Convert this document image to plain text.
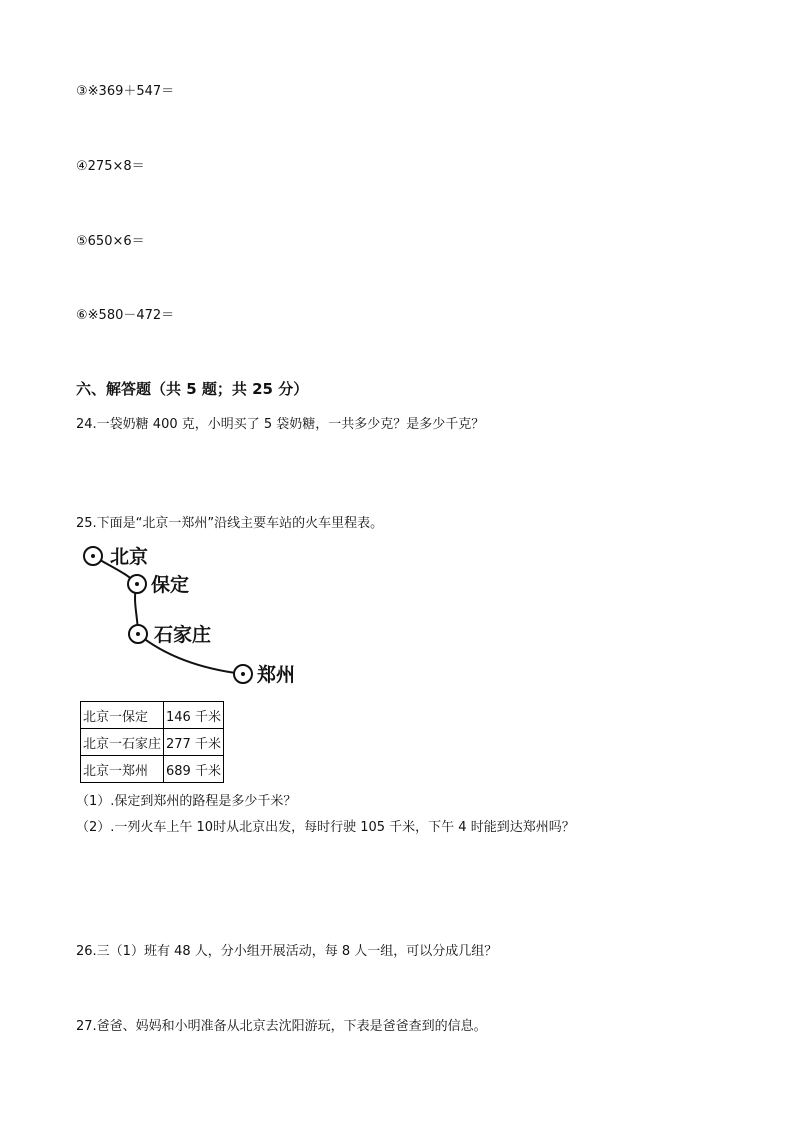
③※369＋547＝
④275×8＝
⑤650×6＝
⑥※580－472＝
六、解答题（共 5 题；共 25 分）
24.一袋奶糖 400 克，小明买了 5 袋奶糖，一共多少克？是多少千克？
25.下面是“北京一郑州”沿线主要车站的火车里程表。
北京
保定
石家庄
郑州
北京一保定	146 千米
北京一石家庄	277 千米
北京一郑州	689 千米
（1）.保定到郑州的路程是多少千米？
（2）.一列火车上午 10时从北京出发，每时行驶 105 千米，下午 4 时能到达郑州吗？
26.三（1）班有 48 人，分小组开展活动，每 8 人一组，可以分成几组？
27.爸爸、妈妈和小明准备从北京去沈阳游玩，下表是爸爸查到的信息。
